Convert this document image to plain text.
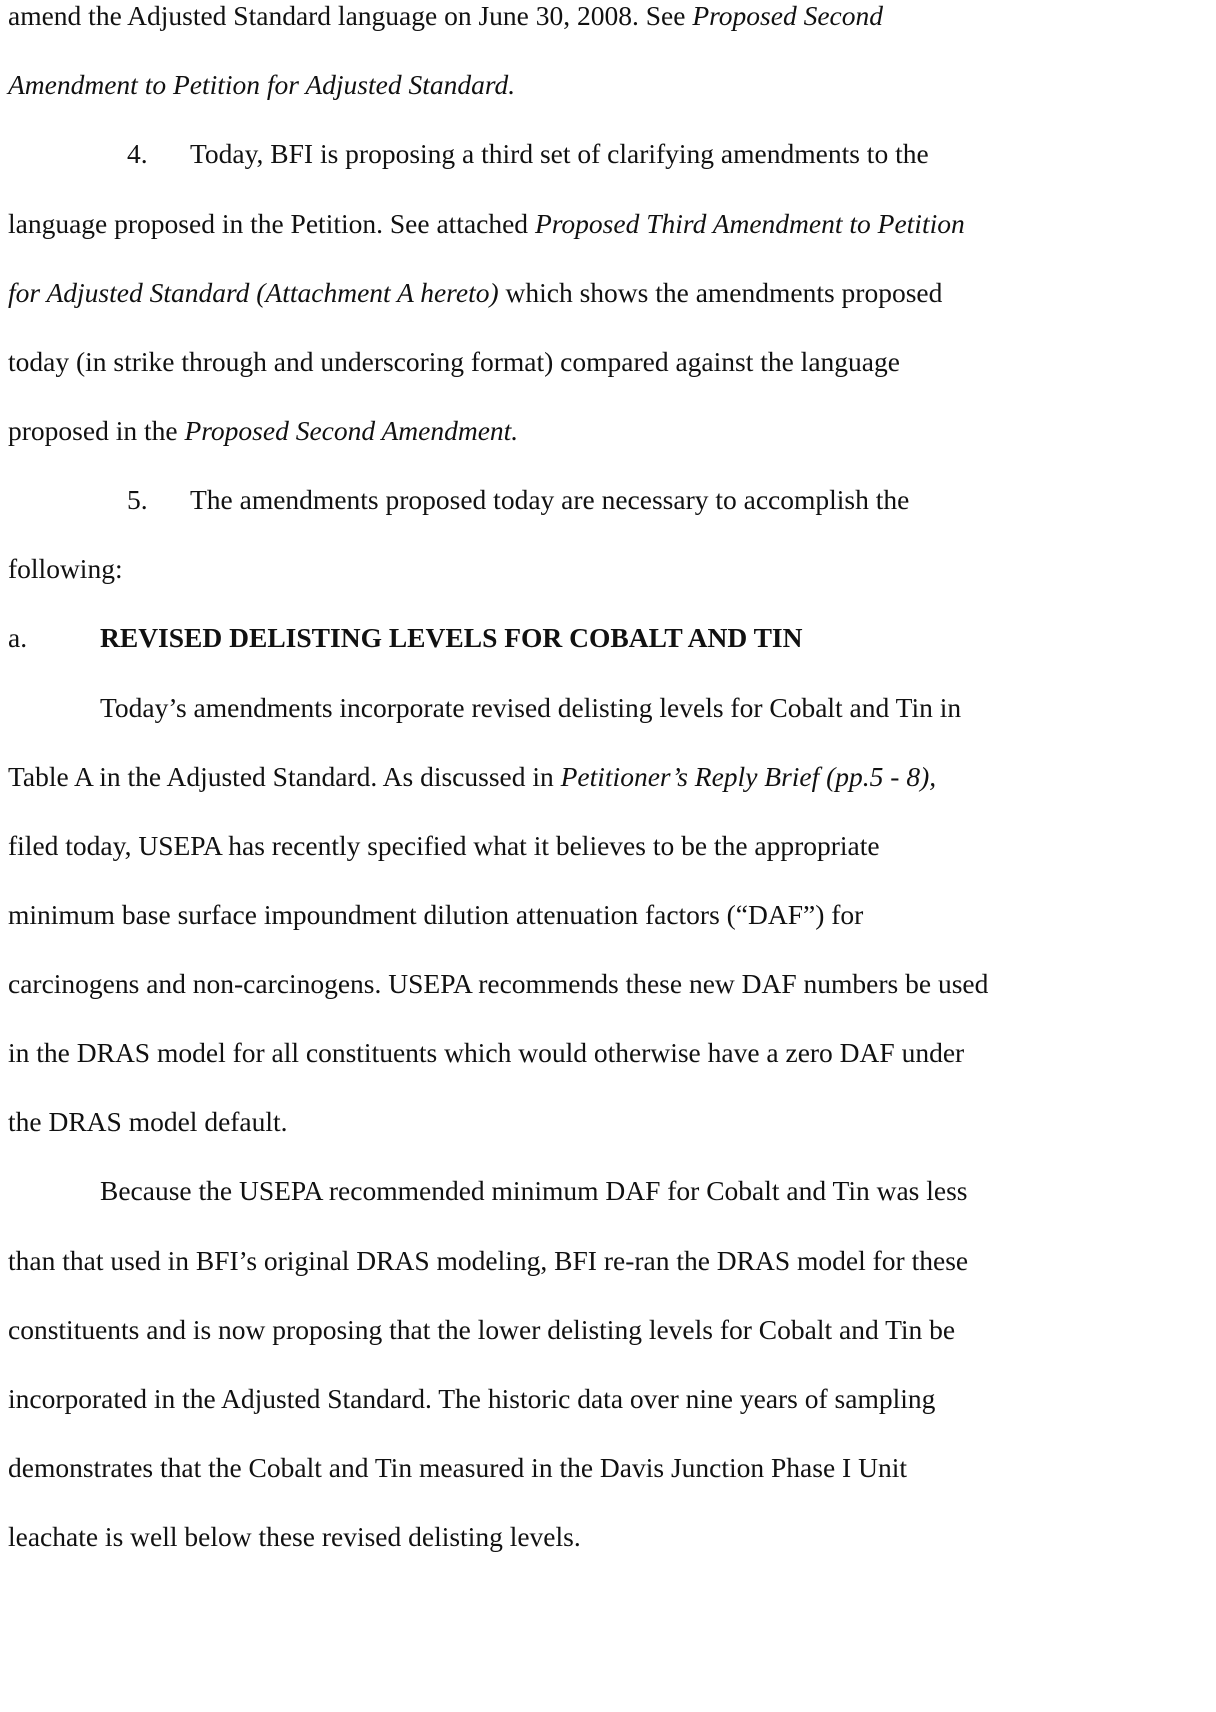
amend the Adjusted Standard language on June 30, 2008. See Proposed Second
Amendment to Petition for Adjusted Standard.
4. Today, BFI is proposing a third set of clarifying amendments to the
language proposed in the Petition. See attached Proposed Third Amendment to Petition
for Adjusted Standard (Attachment A hereto) which shows the amendments proposed
today (in strike through and underscoring format) compared against the language
proposed in the Proposed Second Amendment.
5. The amendments proposed today are necessary to accomplish the
following:
a.	REVISED DELISTING LEVELS FOR COBALT AND TIN
Today’s amendments incorporate revised delisting levels for Cobalt and Tin in
Table A in the Adjusted Standard. As discussed in Petitioner’s Reply Brief (pp.5 - 8),
filed today, USEPA has recently specified what it believes to be the appropriate
minimum base surface impoundment dilution attenuation factors (“DAF”) for
carcinogens and non-carcinogens. USEPA recommends these new DAF numbers be used
in the DRAS model for all constituents which would otherwise have a zero DAF under
the DRAS model default.
Because the USEPA recommended minimum DAF for Cobalt and Tin was less
than that used in BFI’s original DRAS modeling, BFI re-ran the DRAS model for these
constituents and is now proposing that the lower delisting levels for Cobalt and Tin be
incorporated in the Adjusted Standard. The historic data over nine years of sampling
demonstrates that the Cobalt and Tin measured in the Davis Junction Phase I Unit
leachate is well below these revised delisting levels.
